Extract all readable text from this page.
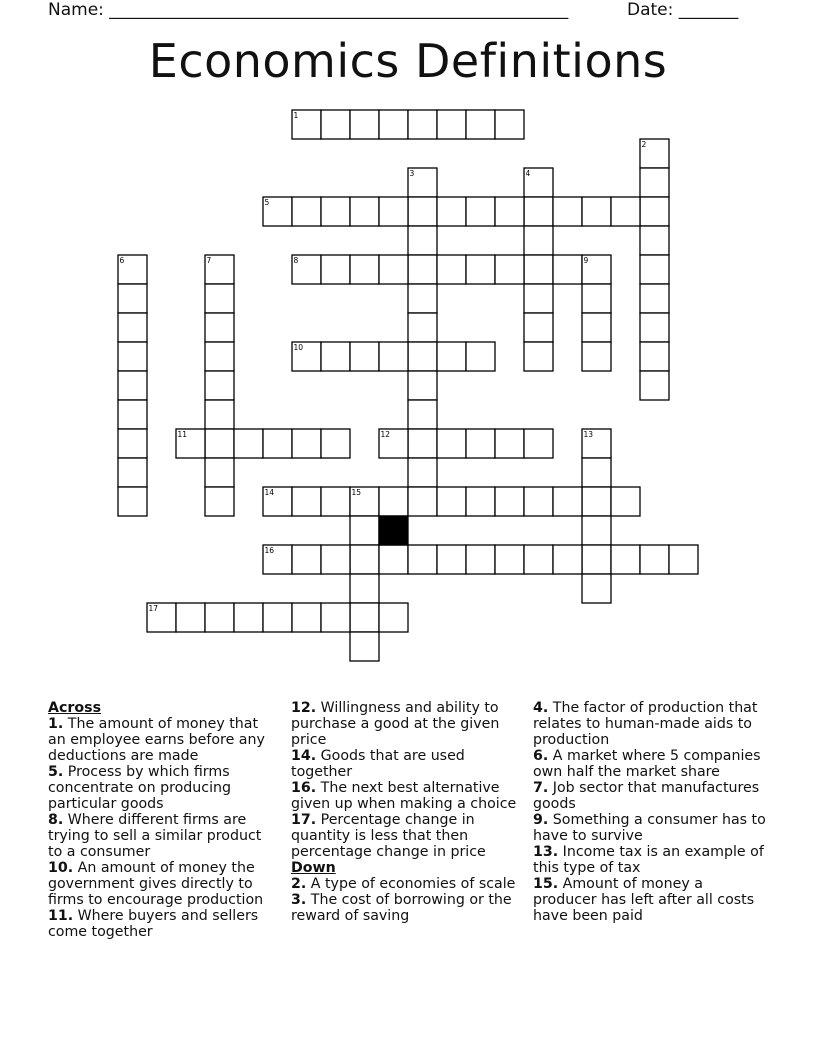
Name: ______________________________________________________	Date: _______
Economics Definitions
1
2
3	4
5
6	7	8	9
10
11	12	13
14	15
16
17
Across
1. The amount of money that an employee earns before any deductions are made
5. Process by which firms concentrate on producing particular goods
8. Where different firms are trying to sell a similar product to a consumer
10. An amount of money the government gives directly to firms to encourage production
11. Where buyers and sellers come together
12. Willingness and ability to purchase a good at the given price
14. Goods that are used together
16. The next best alternative given up when making a choice
17. Percentage change in quantity is less that then percentage change in price
Down
2. A type of economies of scale
3. The cost of borrowing or the reward of saving
4. The factor of production that relates to human-made aids to production
6. A market where 5 companies own half the market share
7. Job sector that manufactures goods
9. Something a consumer has to have to survive
13. Income tax is an example of this type of tax
15. Amount of money a producer has left after all costs have been paid
